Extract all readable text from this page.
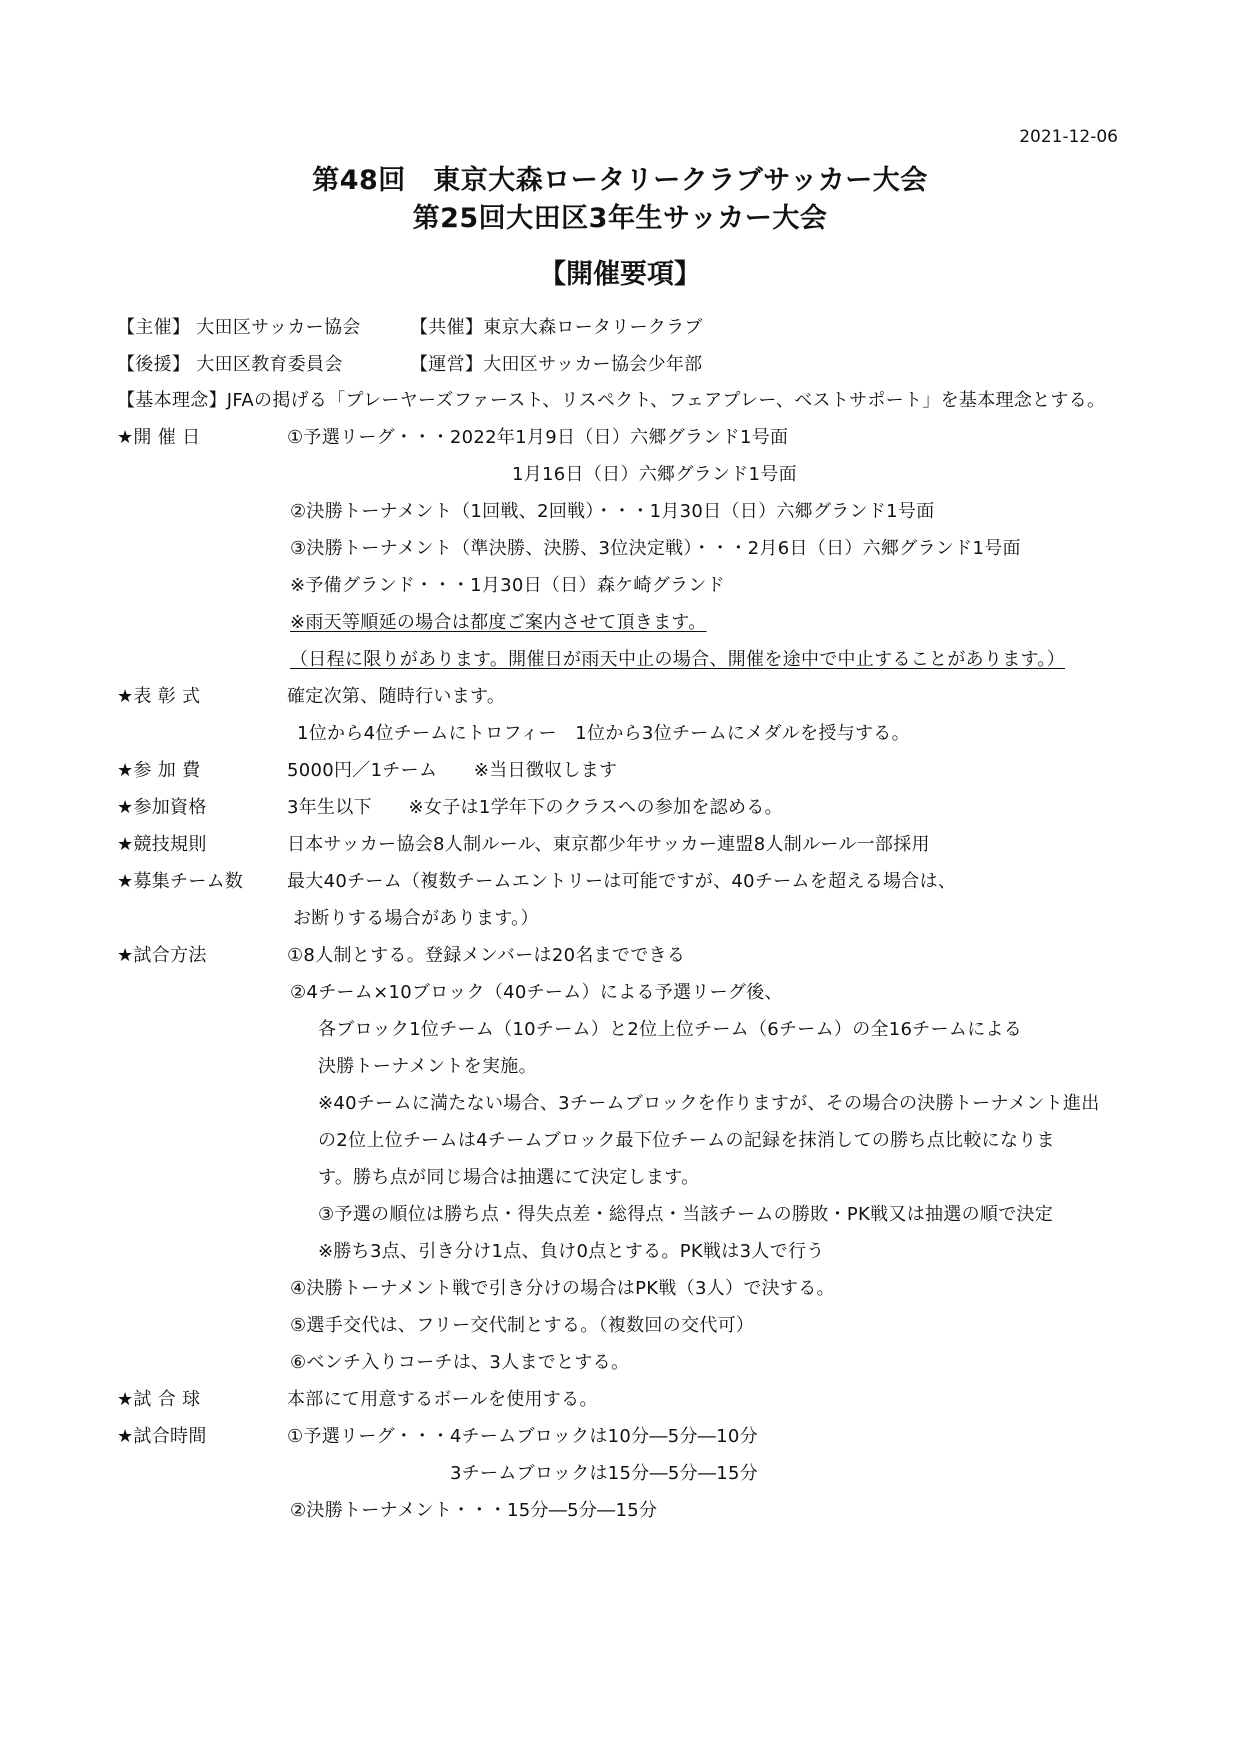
2021-12-06
第48回　東京大森ロータリークラブサッカー大会
第25回大田区3年生サッカー大会
【開催要項】
【主催】 大田区サッカー協会	【共催】東京大森ロータリークラブ
【後援】 大田区教育委員会	【運営】大田区サッカー協会少年部
【基本理念】JFAの掲げる「プレーヤーズファースト、リスペクト、フェアプレー、ベストサポート」を基本理念とする。
★開 催 日	①予選リーグ・・・2022年1月9日（日）六郷グランド1号面
1月16日（日）六郷グランド1号面
②決勝トーナメント（1回戦、2回戦）・・・1月30日（日）六郷グランド1号面
③決勝トーナメント（準決勝、決勝、3位決定戦）・・・2月6日（日）六郷グランド1号面
※予備グランド・・・1月30日（日）森ケ崎グランド
※雨天等順延の場合は都度ご案内させて頂きます。
（日程に限りがあります。開催日が雨天中止の場合、開催を途中で中止することがあります。）
★表 彰 式	確定次第、随時行います。
1位から4位チームにトロフィー　1位から3位チームにメダルを授与する。
★参 加 費	5000円／1チーム　　※当日徴収します
★参加資格	3年生以下　　※女子は1学年下のクラスへの参加を認める。
★競技規則	日本サッカー協会8人制ルール、東京都少年サッカー連盟8人制ルール一部採用
★募集チーム数 最大40チーム（複数チームエントリーは可能ですが、40チームを超える場合は、
お断りする場合があります。）
★試合方法	①8人制とする。登録メンバーは20名までできる
②4チーム×10ブロック（40チーム）による予選リーグ後、
各ブロック1位チーム（10チーム）と2位上位チーム（6チーム）の全16チームによる
決勝トーナメントを実施。
※40チームに満たない場合、3チームブロックを作りますが、その場合の決勝トーナメント進出
の2位上位チームは4チームブロック最下位チームの記録を抹消しての勝ち点比較になりま
す。勝ち点が同じ場合は抽選にて決定します。
③予選の順位は勝ち点・得失点差・総得点・当該チームの勝敗・PK戦又は抽選の順で決定
※勝ち3点、引き分け1点、負け0点とする。PK戦は3人で行う
④決勝トーナメント戦で引き分けの場合はPK戦（3人）で決する。
⑤選手交代は、フリー交代制とする。（複数回の交代可）
⑥ベンチ入りコーチは、3人までとする。
★試 合 球	本部にて用意するボールを使用する。
★試合時間	①予選リーグ・・・4チームブロックは10分―5分―10分
3チームブロックは15分―5分―15分
②決勝トーナメント・・・15分―5分―15分
